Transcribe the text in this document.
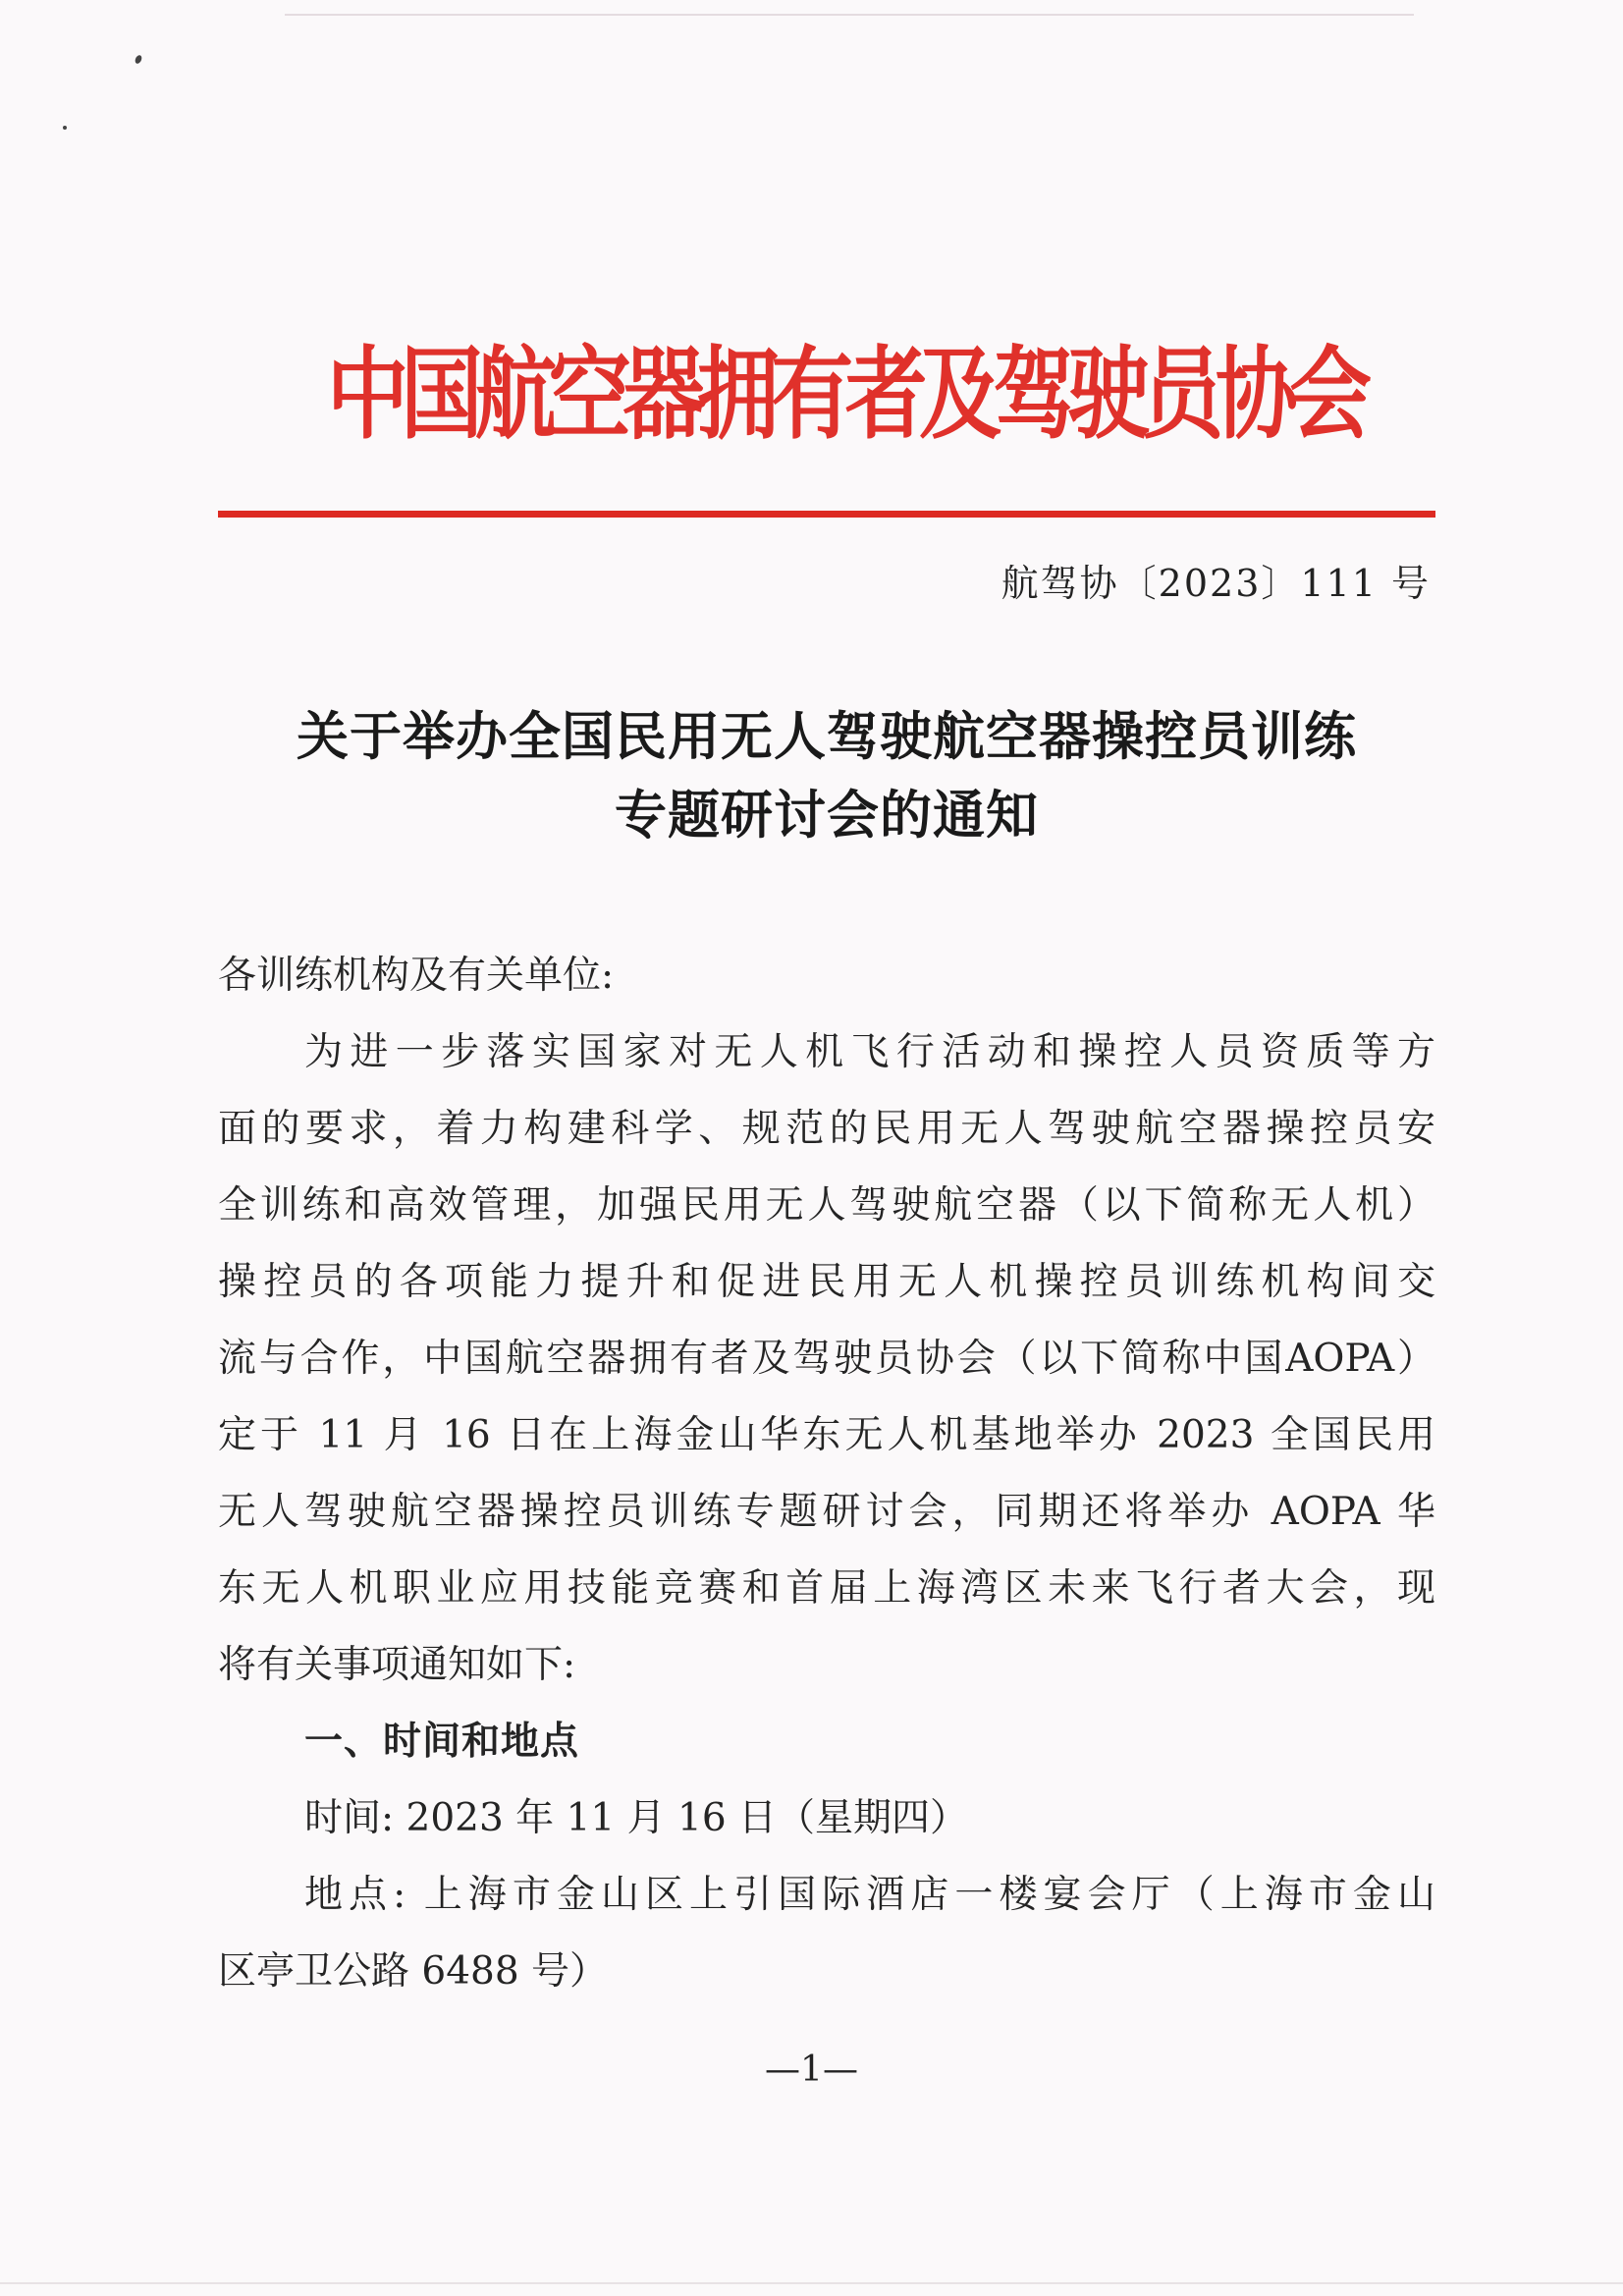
中国航空器拥有者及驾驶员协会
航驾协〔2023〕111 号
关于举办全国民用无人驾驶航空器操控员训练
专题研讨会的通知
各训练机构及有关单位:
为进一步落实国家对无人机飞行活动和操控人员资质等方
面的要求，着力构建科学、规范的民用无人驾驶航空器操控员安
全训练和高效管理，加强民用无人驾驶航空器（以下简称无人机）
操控员的各项能力提升和促进民用无人机操控员训练机构间交
流与合作，中国航空器拥有者及驾驶员协会（以下简称中国AOPA）
定于 11 月 16 日在上海金山华东无人机基地举办 2023 全国民用
无人驾驶航空器操控员训练专题研讨会，同期还将举办 AOPA 华
东无人机职业应用技能竞赛和首届上海湾区未来飞行者大会，现
将有关事项通知如下:
一、时间和地点
时间: 2023 年 11 月 16 日（星期四）
地点: 上海市金山区上引国际酒店一楼宴会厅（上海市金山
区亭卫公路 6488 号）
—1—
